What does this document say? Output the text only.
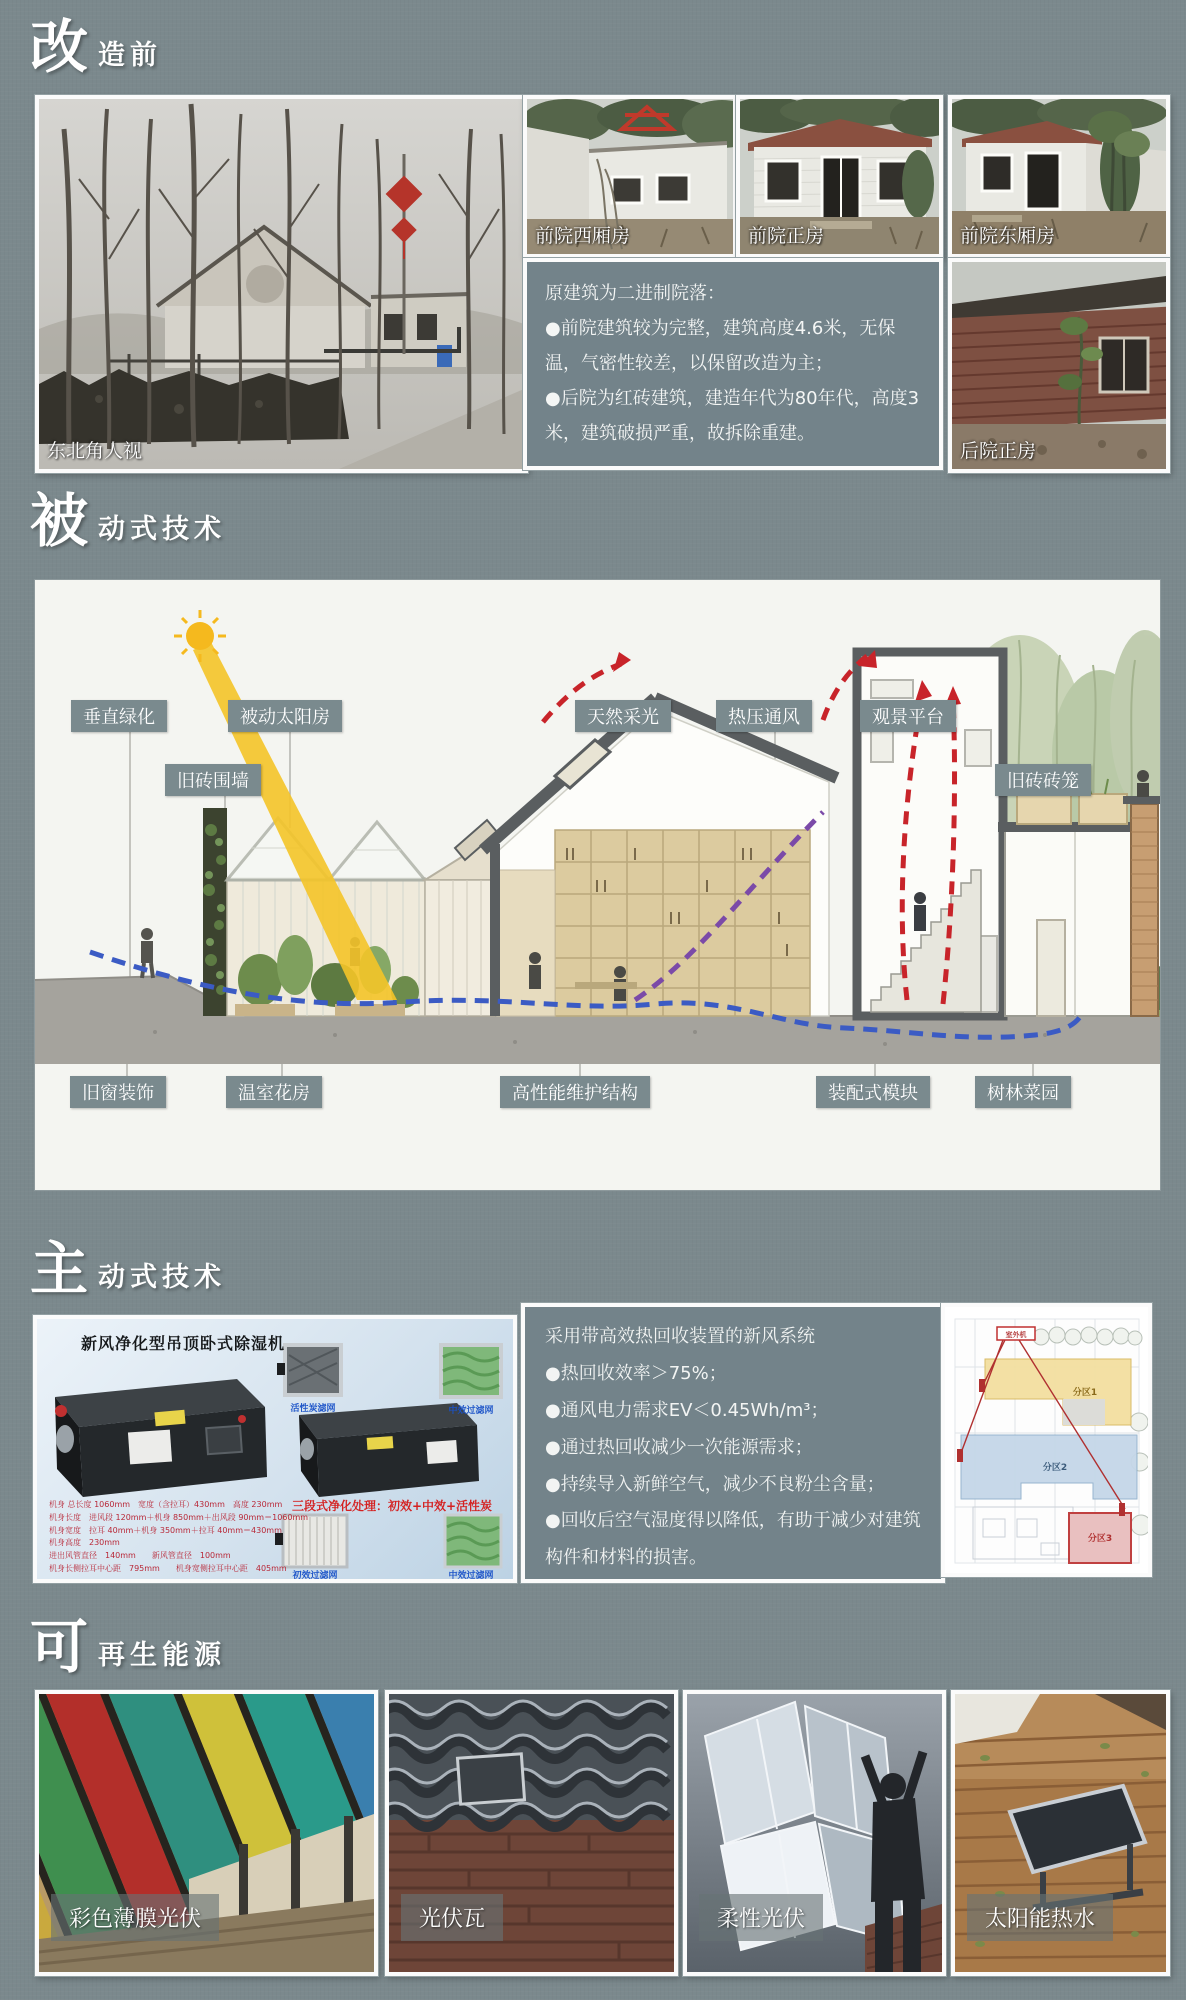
改 造前
东北角人视
前院西厢房	前院正房	前院东厢房

原建筑为二进制院落：

●前院建筑较为完整，建筑高度4.6米，无保温，气密性较差，以保留改造为主；

●后院为红砖建筑，建造年代为80年代，高度3米，建筑破损严重，故拆除重建。

后院正房
被 动式技术
垂直绿化	被动太阳房	天然采光	热压通风	观景平台
旧砖围墙	旧砖砖笼
旧窗装饰	温室花房	高性能维护结构	装配式模块	树林菜园
主 动式技术
新风净化型吊顶卧式除湿机
活性炭滤网	中效过滤网
三段式净化处理：初效+中效+活性炭
初效过滤网	中效过滤网
机身 总长度 1060mm　宽度（含拉耳）430mm　高度 230mm
机身长度　进风段 120mm＋机身 850mm＋出风段 90mm＝1060mm
机身宽度　拉耳 40mm＋机身 350mm＋拉耳 40mm＝430mm
机身高度　230mm
进出风管直径　140mm　　新风管直径　100mm
机身长侧拉耳中心距　795mm　　机身宽侧拉耳中心距　405mm

采用带高效热回收装置的新风系统

●热回收效率＞75%；

●通风电力需求EV＜0.45Wh/m³；

●通过热回收减少一次能源需求；

●持续导入新鲜空气，减少不良粉尘含量；

●回收后空气湿度得以降低，有助于减少对建筑构件和材料的损害。

室外机
分区1
分区2
分区3
可 再生能源
彩色薄膜光伏	光伏瓦	柔性光伏	太阳能热水
